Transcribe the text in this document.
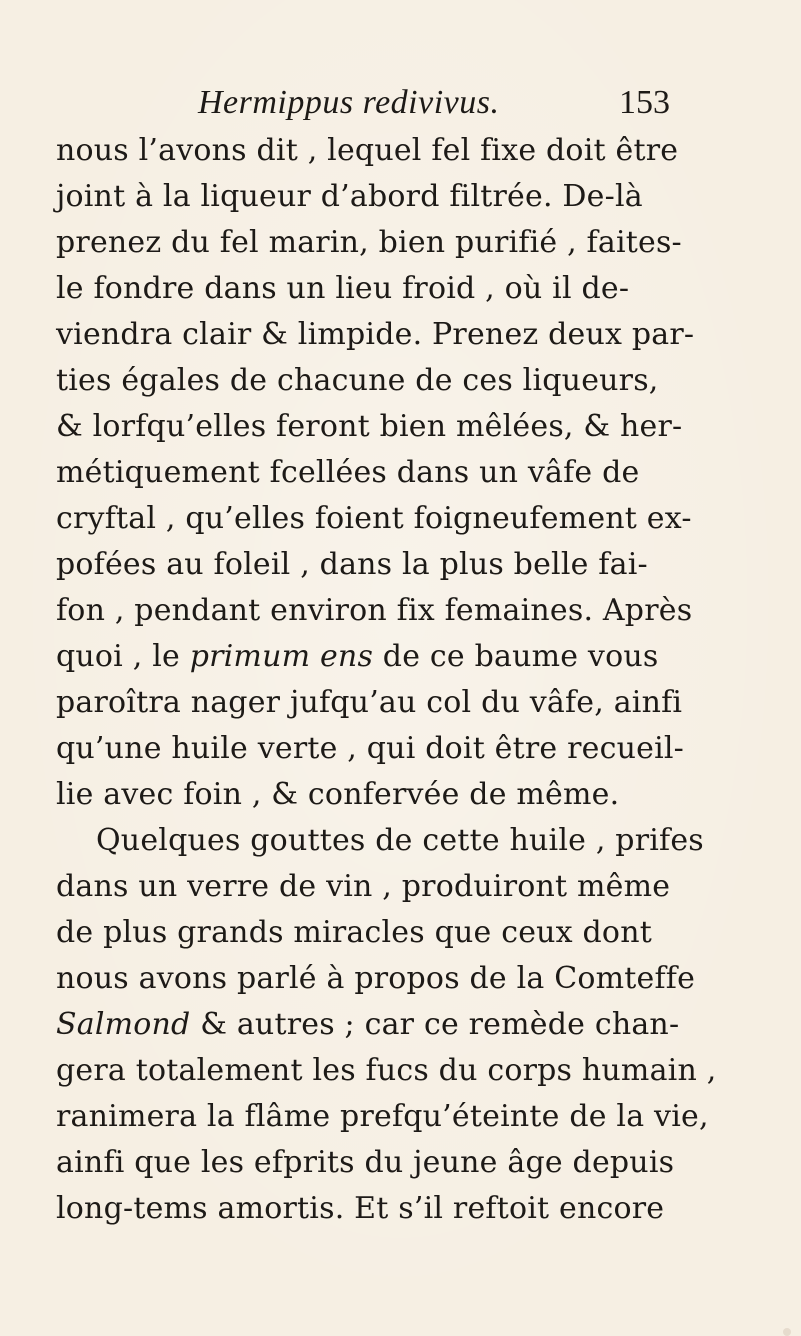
Hermippus redivivus.	153
nous l’avons dit , lequel fel fixe doit être
joint à la liqueur d’abord filtrée. De-là
prenez du fel marin, bien purifié , faites-
le fondre dans un lieu froid , où il de-
viendra clair & limpide. Prenez deux par-
ties égales de chacune de ces liqueurs,
& lorfqu’elles feront bien mêlées, & her-
métiquement fcellées dans un vâfe de
cryftal , qu’elles foient foigneufement ex-
pofées au foleil , dans la plus belle fai-
fon , pendant environ fix femaines. Après
quoi , le primum ens de ce baume vous
paroîtra nager jufqu’au col du vâfe, ainfi
qu’une huile verte , qui doit être recueil-
lie avec foin , & confervée de même.
Quelques gouttes de cette huile , prifes
dans un verre de vin , produiront même
de plus grands miracles que ceux dont
nous avons parlé à propos de la Comteffe
Salmond & autres ; car ce remède chan-
gera totalement les fucs du corps humain ,
ranimera la flâme prefqu’éteinte de la vie,
ainfi que les efprits du jeune âge depuis
long-tems amortis. Et s’il reftoit encore
